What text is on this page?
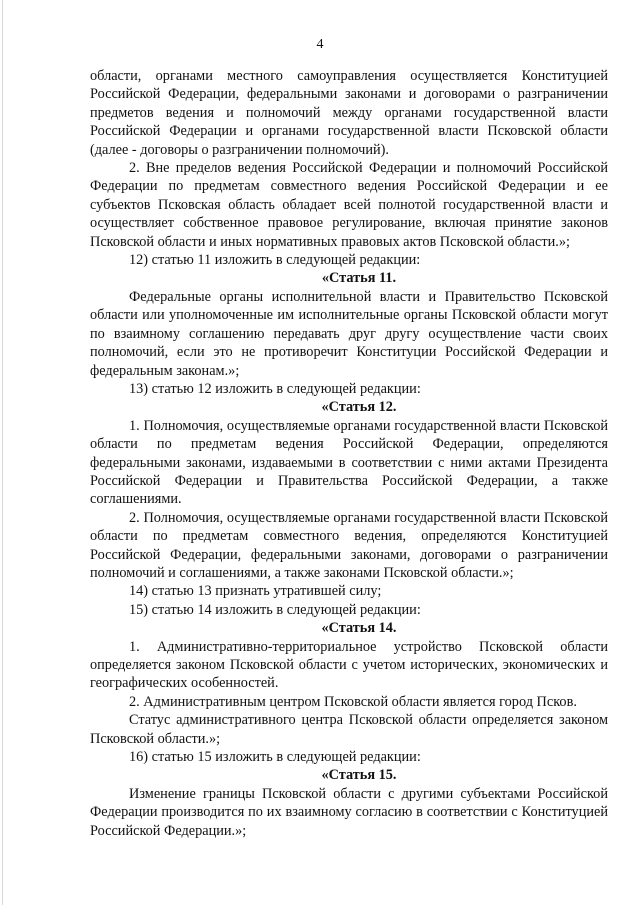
4

области, органами местного самоуправления осуществляется Конституцией Российской Федерации, федеральными законами и договорами о разграничении предметов ведения и полномочий между органами государственной власти Российской Федерации и органами государственной власти Псковской области (далее - договоры о разграничении полномочий).

2. Вне пределов ведения Российской Федерации и полномочий Российской Федерации по предметам совместного ведения Российской Федерации и ее субъектов Псковская область обладает всей полнотой государственной власти и осуществляет собственное правовое регулирование, включая принятие законов Псковской области и иных нормативных правовых актов Псковской области.»;

12) статью 11 изложить в следующей редакции:

«Статья 11.

Федеральные органы исполнительной власти и Правительство Псковской области или уполномоченные им исполнительные органы Псковской области могут по взаимному соглашению передавать друг другу осуществление части своих полномочий, если это не противоречит Конституции Российской Федерации и федеральным законам.»;

13) статью 12 изложить в следующей редакции:

«Статья 12.

1. Полномочия, осуществляемые органами государственной власти Псковской области по предметам ведения Российской Федерации, определяются федеральными законами, издаваемыми в соответствии с ними актами Президента Российской Федерации и Правительства Российской Федерации, а также соглашениями.

2. Полномочия, осуществляемые органами государственной власти Псковской области по предметам совместного ведения, определяются Конституцией Российской Федерации, федеральными законами, договорами о разграничении полномочий и соглашениями, а также законами Псковской области.»;

14) статью 13 признать утратившей силу;

15) статью 14 изложить в следующей редакции:

«Статья 14.

1. Административно-территориальное устройство Псковской области определяется законом Псковской области с учетом исторических, экономических и географических особенностей.

2. Административным центром Псковской области является город Псков.

Статус административного центра Псковской области определяется законом Псковской области.»;

16) статью 15 изложить в следующей редакции:

«Статья 15.

Изменение границы Псковской области с другими субъектами Российской Федерации производится по их взаимному согласию в соответствии с Конституцией Российской Федерации.»;
